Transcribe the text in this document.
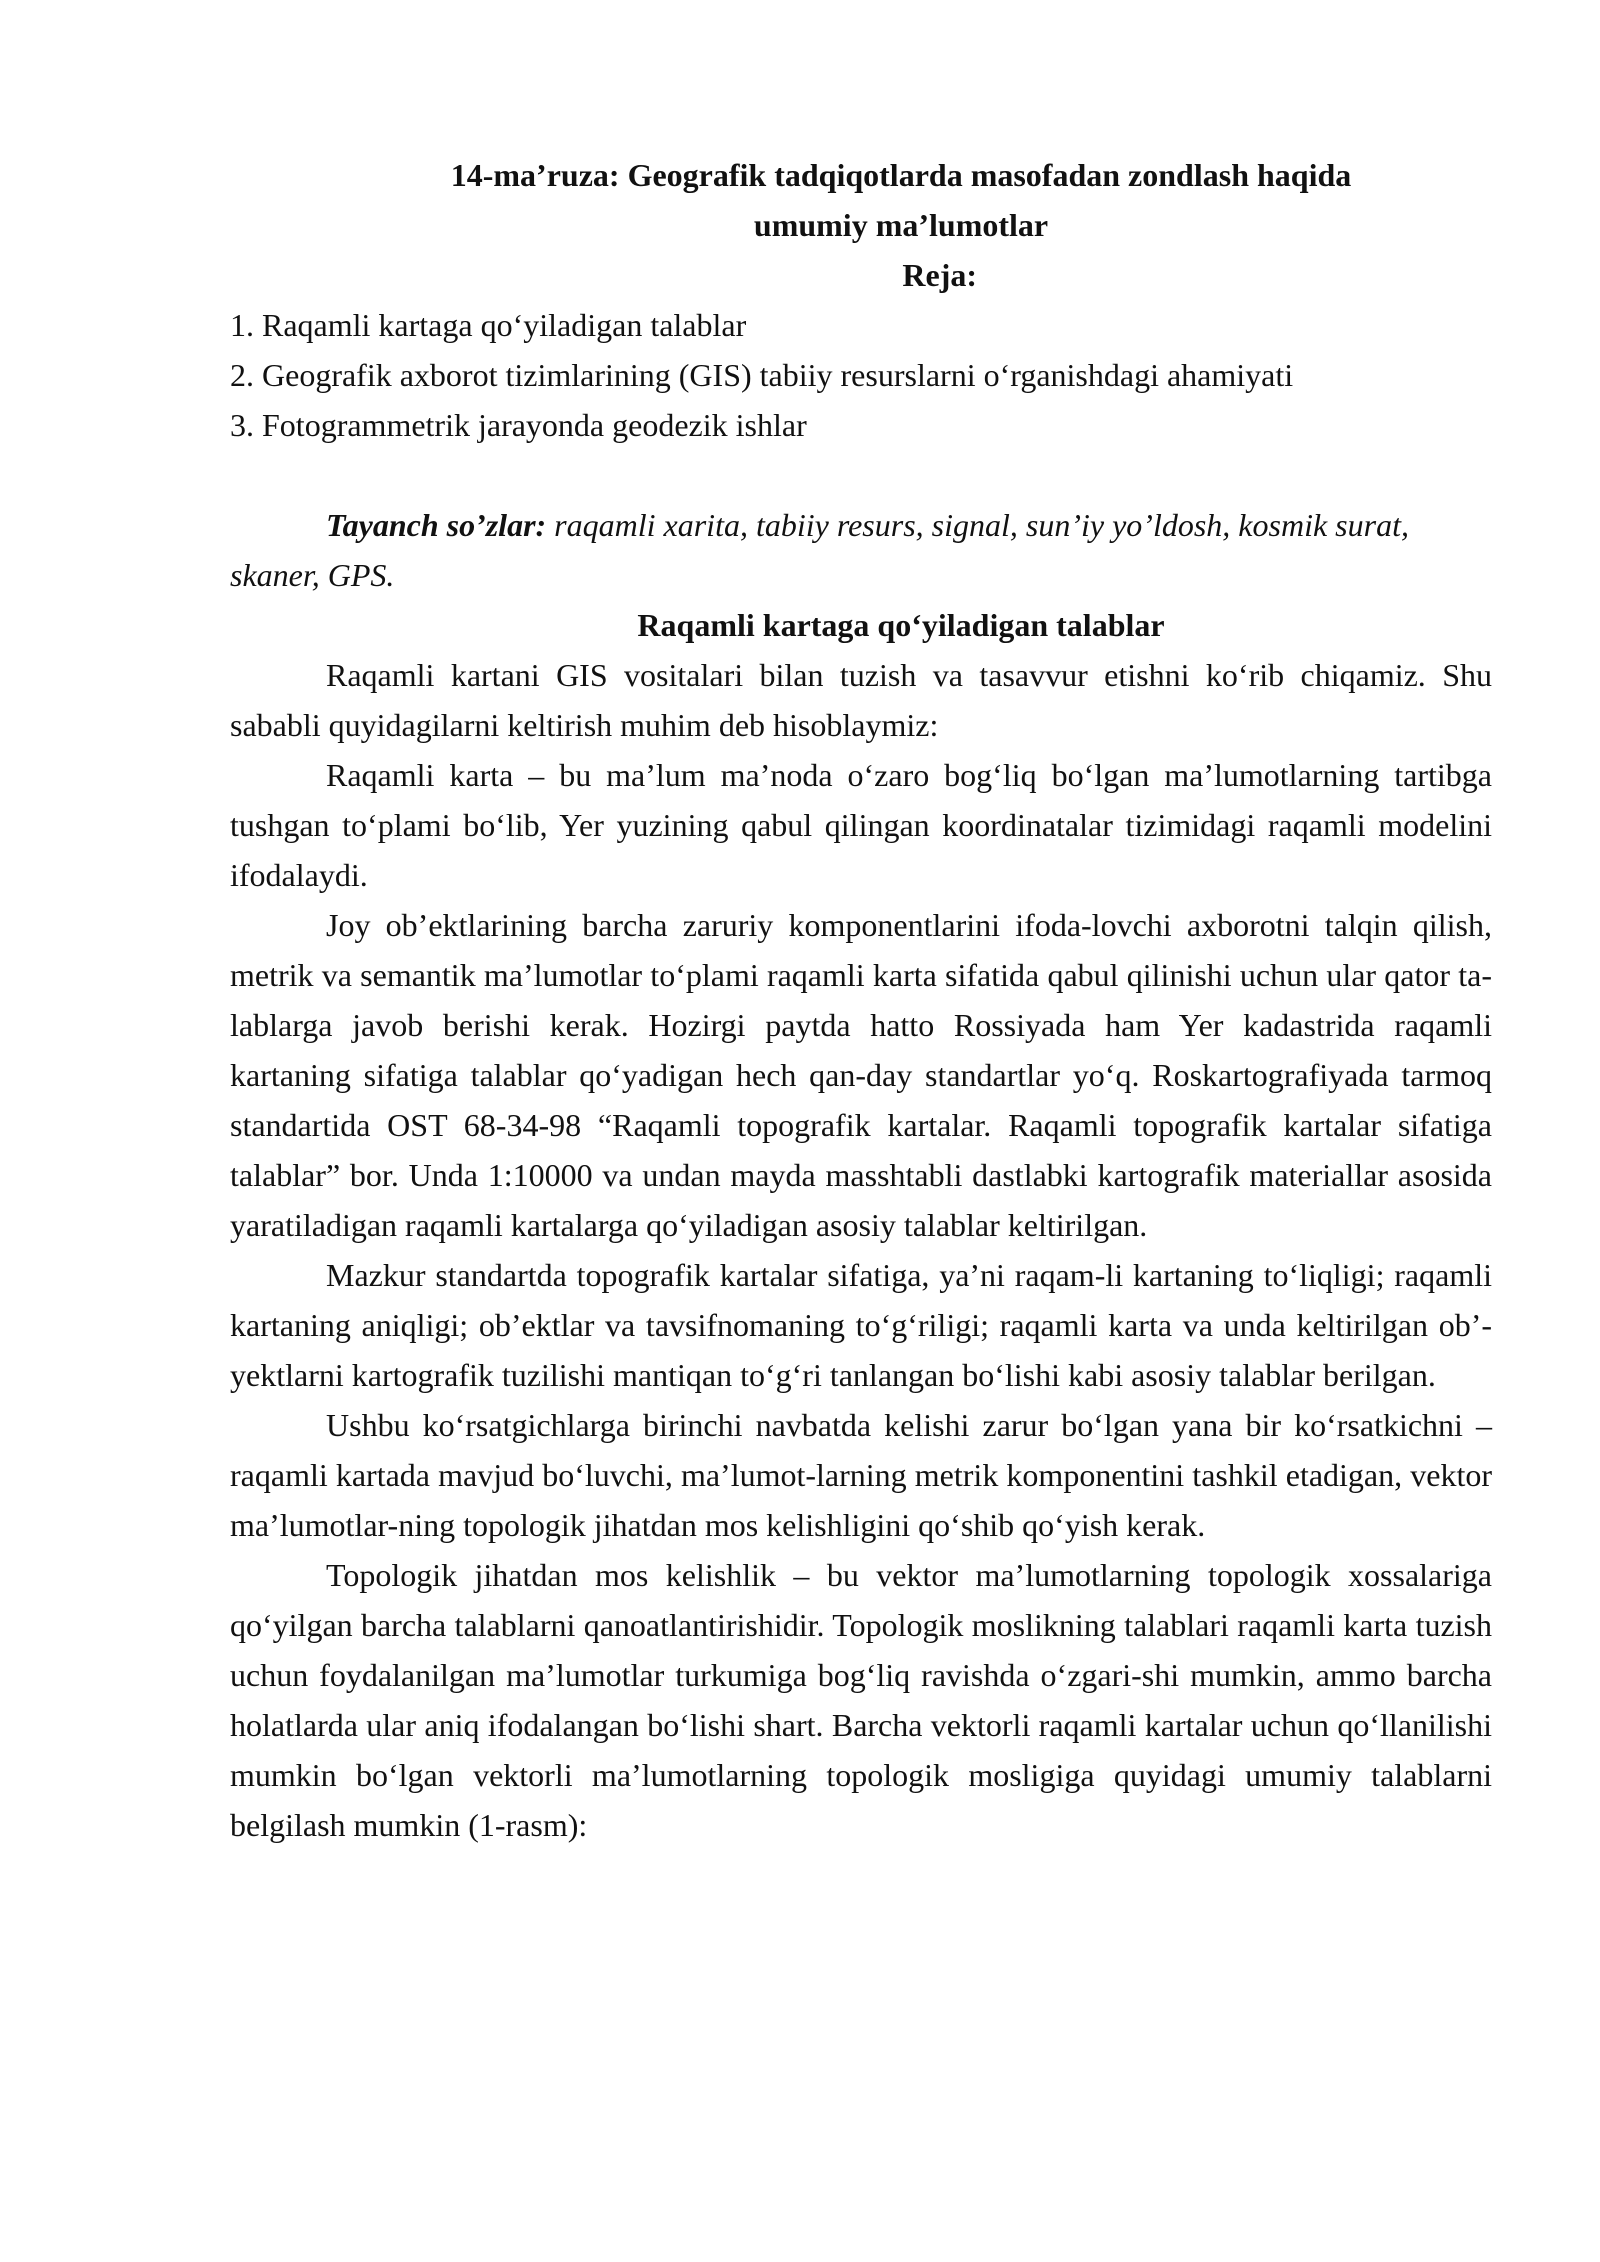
14-ma’ruza: Geografik tadqiqotlarda masofadan zondlash haqida
umumiy ma’lumotlar

Reja:

1. Raqamli kartaga qo‘yiladigan talablar
2. Geografik axborot tizimlarining (GIS) tabiiy resurslarni o‘rganishdagi ahamiyati
3. Fotogrammetrik jarayonda geodezik ishlar

Tayanch so’zlar: raqamli xarita, tabiiy resurs, signal, sun’iy yo’ldosh, kosmik surat, skaner, GPS.

Raqamli kartaga qo‘yiladigan talablar

Raqamli kartani GIS vositalari bilan tuzish va tasavvur etishni ko‘rib chiqamiz. Shu sababli quyidagilarni keltirish muhim deb hisoblaymiz:

Raqamli karta – bu ma’lum ma’noda o‘zaro bog‘liq bo‘lgan ma’lumotlarning tartibga tushgan to‘plami bo‘lib, Yer yuzining qabul qilingan koordinatalar tizimidagi raqamli modelini ifodalaydi.

Joy ob’ektlarining barcha zaruriy komponentlarini ifoda-lovchi axborotni talqin qilish, metrik va semantik ma’lumotlar to‘plami raqamli karta sifatida qabul qilinishi uchun ular qator ta-lablarga javob berishi kerak. Hozirgi paytda hatto Rossiyada ham Yer kadastrida raqamli kartaning sifatiga talablar qo‘yadigan hech qan-day standartlar yo‘q. Roskartografiyada tarmoq standartida OST 68-34-98 “Raqamli topografik kartalar. Raqamli topografik kartalar sifatiga talablar” bor. Unda 1:10000 va undan mayda masshtabli dastlabki kartografik materiallar asosida yaratiladigan raqamli kartalarga qo‘yiladigan asosiy talablar keltirilgan.

Mazkur standartda topografik kartalar sifatiga, ya’ni raqam-li kartaning to‘liqligi; raqamli kartaning aniqligi; ob’ektlar va tavsifnomaning to‘g‘riligi; raqamli karta va unda keltirilgan ob’-yektlarni kartografik tuzilishi mantiqan to‘g‘ri tanlangan bo‘lishi kabi asosiy talablar berilgan.

Ushbu ko‘rsatgichlarga birinchi navbatda kelishi zarur bo‘lgan yana bir ko‘rsatkichni – raqamli kartada mavjud bo‘luvchi, ma’lumot-larning metrik komponentini tashkil etadigan, vektor ma’lumotlar-ning topologik jihatdan mos kelishligini qo‘shib qo‘yish kerak.

Topologik jihatdan mos kelishlik – bu vektor ma’lumotlarning topologik xossalariga qo‘yilgan barcha talablarni qanoatlantirishidir. Topologik moslikning talablari raqamli karta tuzish uchun foydalanilgan ma’lumotlar turkumiga bog‘liq ravishda o‘zgari-shi mumkin, ammo barcha holatlarda ular aniq ifodalangan bo‘lishi shart. Barcha vektorli raqamli kartalar uchun qo‘llanilishi mumkin bo‘lgan vektorli ma’lumotlarning topologik mosligiga quyidagi umumiy talablarni belgilash mumkin (1-rasm):
